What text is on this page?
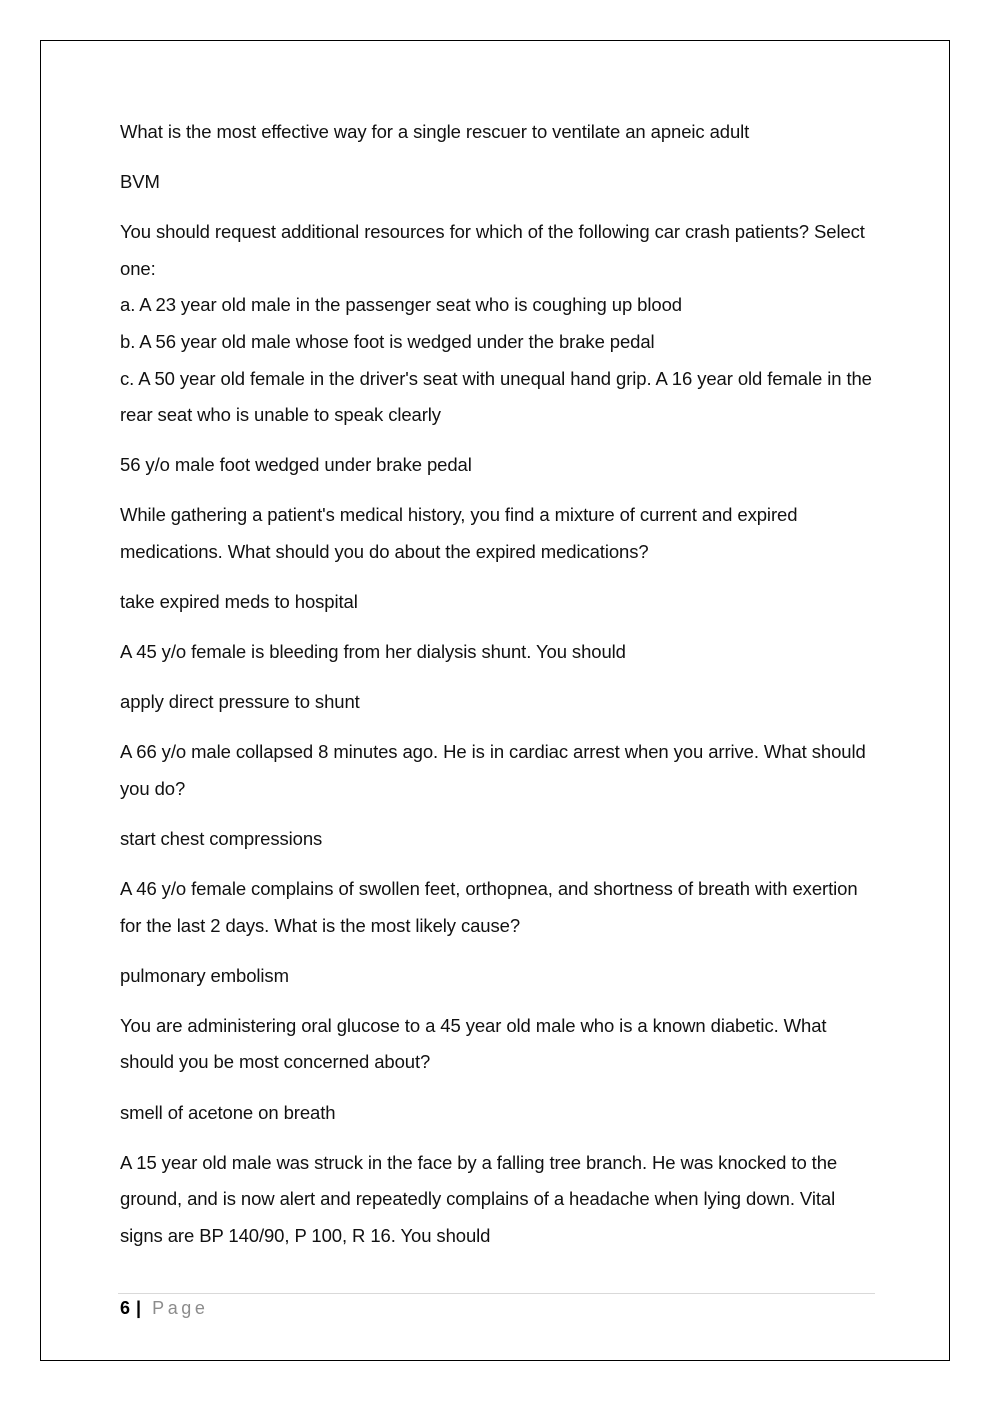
What is the most effective way for a single rescuer to ventilate an apneic adult
BVM
You should request additional resources for which of the following car crash patients? Select one:
a. A 23 year old male in the passenger seat who is coughing up blood
b. A 56 year old male whose foot is wedged under the brake pedal
c. A 50 year old female in the driver's seat with unequal hand grip. A 16 year old female in the rear seat who is unable to speak clearly
56 y/o male foot wedged under brake pedal
While gathering a patient's medical history, you find a mixture of current and expired medications. What should you do about the expired medications?
take expired meds to hospital
A 45 y/o female is bleeding from her dialysis shunt. You should
apply direct pressure to shunt
A 66 y/o male collapsed 8 minutes ago. He is in cardiac arrest when you arrive. What should you do?
start chest compressions
A 46 y/o female complains of swollen feet, orthopnea, and shortness of breath with exertion for the last 2 days. What is the most likely cause?
pulmonary embolism
You are administering oral glucose to a 45 year old male who is a known diabetic. What should you be most concerned about?
smell of acetone on breath
A 15 year old male was struck in the face by a falling tree branch. He was knocked to the ground, and is now alert and repeatedly complains of a headache when lying down. Vital signs are BP 140/90, P 100, R 16. You should
6 | Page
